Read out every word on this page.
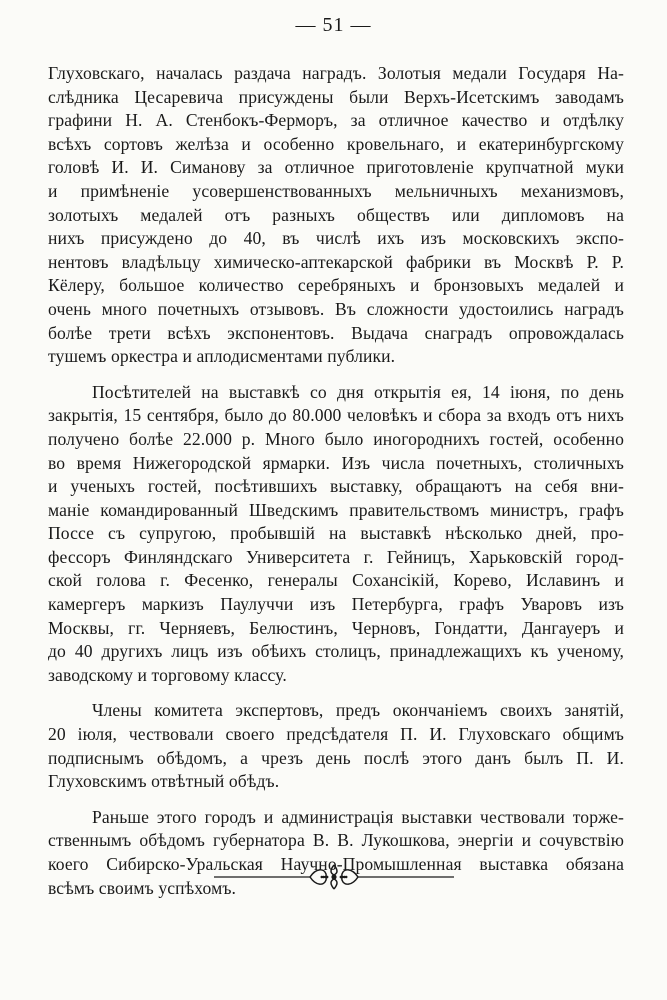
— 51 —
Глуховскаго, началась раздача наградъ. Золотыя медали Государя На-
слѣдника Цесаревича присуждены были Верхъ-Исетскимъ заводамъ
графини Н. А. Стенбокъ-Ферморъ, за отличное качество и отдѣлку
всѣхъ сортовъ желѣза и особенно кровельнаго, и екатеринбургскому
головѣ И. И. Симанову за отличное приготовленіе крупчатной муки
и примѣненіе усовершенствованныхъ мельничныхъ механизмовъ,
золотыхъ медалей отъ разныхъ обществъ или дипломовъ на
нихъ присуждено до 40, въ числѣ ихъ изъ московскихъ экспо-
нентовъ владѣльцу химическо-аптекарской фабрики въ Москвѣ Р. Р.
Кёлеру, большое количество серебряныхъ и бронзовыхъ медалей и
очень много почетныхъ отзывовъ. Въ сложности удостоились наградъ
болѣе трети всѣхъ экспонентовъ. Выдача снаградъ опровождалась
тушемъ оркестра и аплодисментами публики.
Посѣтителей на выставкѣ со дня открытія ея, 14 іюня, по день
закрытія, 15 сентября, было до 80.000 человѣкъ и сбора за входъ отъ нихъ
получено болѣе 22.000 р. Много было иногороднихъ гостей, особенно
во время Нижегородской ярмарки. Изъ числа почетныхъ, столичныхъ
и ученыхъ гостей, посѣтившихъ выставку, обращаютъ на себя вни-
маніе командированный Шведскимъ правительствомъ министръ, графъ
Поссе съ супругою, пробывшій на выставкѣ нѣсколько дней, про-
фессоръ Финляндскаго Университета г. Гейницъ, Харьковскій город-
ской голова г. Фесенко, генералы Сохансікій, Корево, Иславинъ и
камергеръ маркизъ Паулуччи изъ Петербурга, графъ Уваровъ изъ
Москвы, гг. Черняевъ, Белюстинъ, Черновъ, Гондатти, Дангауеръ и
до 40 другихъ лицъ изъ обѣихъ столицъ, принадлежащихъ къ ученому,
заводскому и торговому классу.
Члены комитета экспертовъ, предъ окончаніемъ своихъ занятій,
20 іюля, чествовали своего предсѣдателя П. И. Глуховскаго общимъ
подписнымъ обѣдомъ, а чрезъ день послѣ этого данъ былъ П. И.
Глуховскимъ отвѣтный обѣдъ.
Раньше этого городъ и администрація выставки чествовали торже-
ственнымъ обѣдомъ губернатора В. В. Лукошкова, энергіи и сочувствію
коего Сибирско-Уральская Научно-Промышленная выставка обязана
всѣмъ своимъ успѣхомъ.
